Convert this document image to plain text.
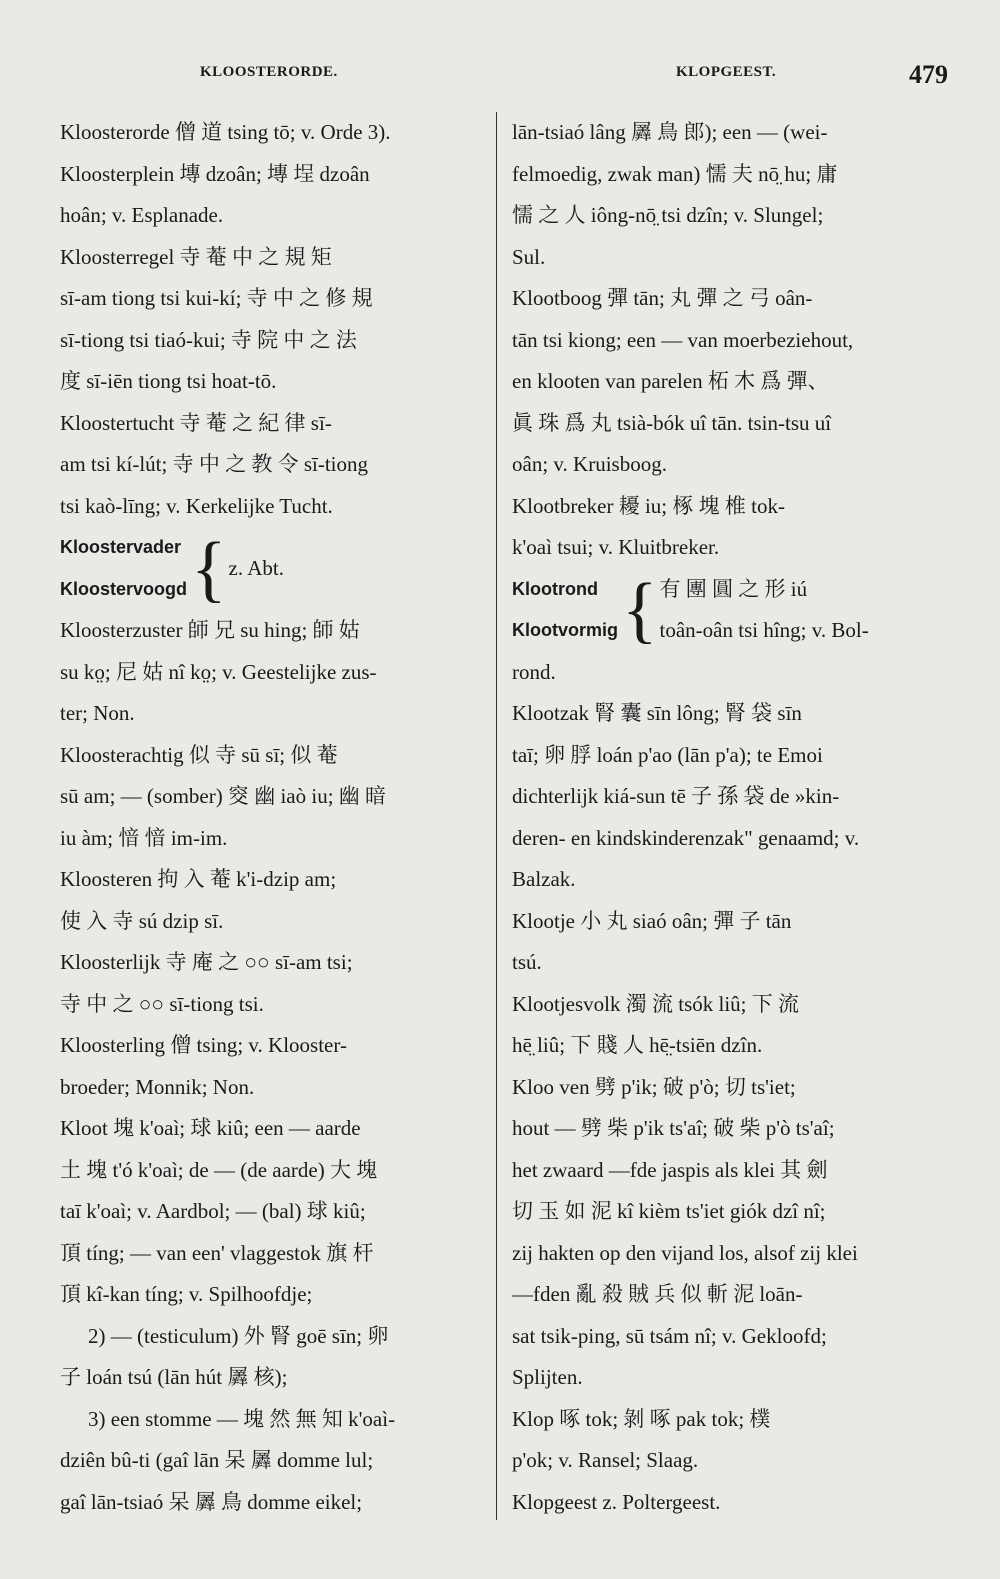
KLOOSTERORDE.	KLOPGEEST.	479

Kloosterorde 僧 道 tsing tō; v. Orde 3).

Kloosterplein 塼 dzoân; 塼 埕 dzoân

hoân; v. Esplanade.

Kloosterregel 寺 菴 中 之 規 矩

sī-am tiong tsi kui-kí; 寺 中 之 修 規

sī-tiong tsi tiaó-kui; 寺 院 中 之 法

度 sī-iēn tiong tsi hoat-tō.

Kloostertucht 寺 菴 之 紀 律 sī-

am tsi kí-lút; 寺 中 之 教 令 sī-tiong

tsi kaò-līng; v. Kerkelijke Tucht.

Kloostervader
Kloostervoogd { z. Abt.

Kloosterzuster 師 兄 su hing; 師 姑

su ko̤; 尼 姑 nî ko̤; v. Geestelijke zus-

ter; Non.

Kloosterachtig 似 寺 sū sī; 似 菴

sū am; — (somber) 窔 幽 iaò iu; 幽 暗

iu àm; 愔 愔 im-im.

Kloosteren 拘 入 菴 k'i-dzip am;

使 入 寺 sú dzip sī.

Kloosterlijk 寺 庵 之 ○○ sī-am tsi;

寺 中 之 ○○ sī-tiong tsi.

Kloosterling 僧 tsing; v. Klooster-

broeder; Monnik; Non.

Kloot 塊 k'oaì; 球 kiû; een — aarde

土 塊 t'ó k'oaì; de — (de aarde) 大 塊

taī k'oaì; v. Aardbol; — (bal) 球 kiû;

頂 tíng; — van een' vlaggestok 旗 杆

頂 kî-kan tíng; v. Spilhoofdje;

2) — (testiculum) 外 腎 goē sīn; 卵

子 loán tsú (lān hút 羼 核);

3) een stomme — 塊 然 無 知 k'oaì-

dziên bû-ti (gaî lān 呆 羼 domme lul;

gaî lān-tsiaó 呆 羼 鳥 domme eikel;

lān-tsiaó lâng 羼 鳥 郎); een — (wei-

felmoedig, zwak man) 懦 夫 nō̤ hu; 庸

懦 之 人 iông-nō̤ tsi dzîn; v. Slungel;

Sul.

Klootboog 彈 tān; 丸 彈 之 弓 oân-

tān tsi kiong; een — van moerbeziehout,

en klooten van parelen 柘 木 爲 彈、

眞 珠 爲 丸 tsià-bók uî tān. tsin-tsu uî

oân; v. Kruisboog.

Klootbreker 耰 iu; 椓 塊 椎 tok-

k'oaì tsui; v. Kluitbreker.

Klootrond
Klootvormig { 有 團 圓 之 形 iú
toân-oân tsi hîng; v. Bol-

rond.

Klootzak 腎 囊 sīn lông; 腎 袋 sīn

taī; 卵 脬 loán p'ao (lān p'a); te Emoi

dichterlijk kiá-sun tē 子 孫 袋 de »kin-

deren- en kindskinderenzak" genaamd; v.

Balzak.

Klootje 小 丸 siaó oân; 彈 子 tān

tsú.

Klootjesvolk 濁 流 tsók liû; 下 流

hē̤ liû; 下 賤 人 hē̤-tsiēn dzîn.

Kloo ven 劈 p'ik; 破 p'ò; 切 ts'iet;

hout — 劈 柴 p'ik ts'aî; 破 柴 p'ò ts'aî;

het zwaard —fde jaspis als klei 其 劍

切 玉 如 泥 kî kièm ts'iet giók dzî nî;

zij hakten op den vijand los, alsof zij klei

—fden 亂 殺 賊 兵 似 斬 泥 loān-

sat tsik-ping, sū tsám nî; v. Gekloofd;

Splijten.

Klop 啄 tok; 剝 啄 pak tok; 樸

p'ok; v. Ransel; Slaag.

Klopgeest z. Poltergeest.
